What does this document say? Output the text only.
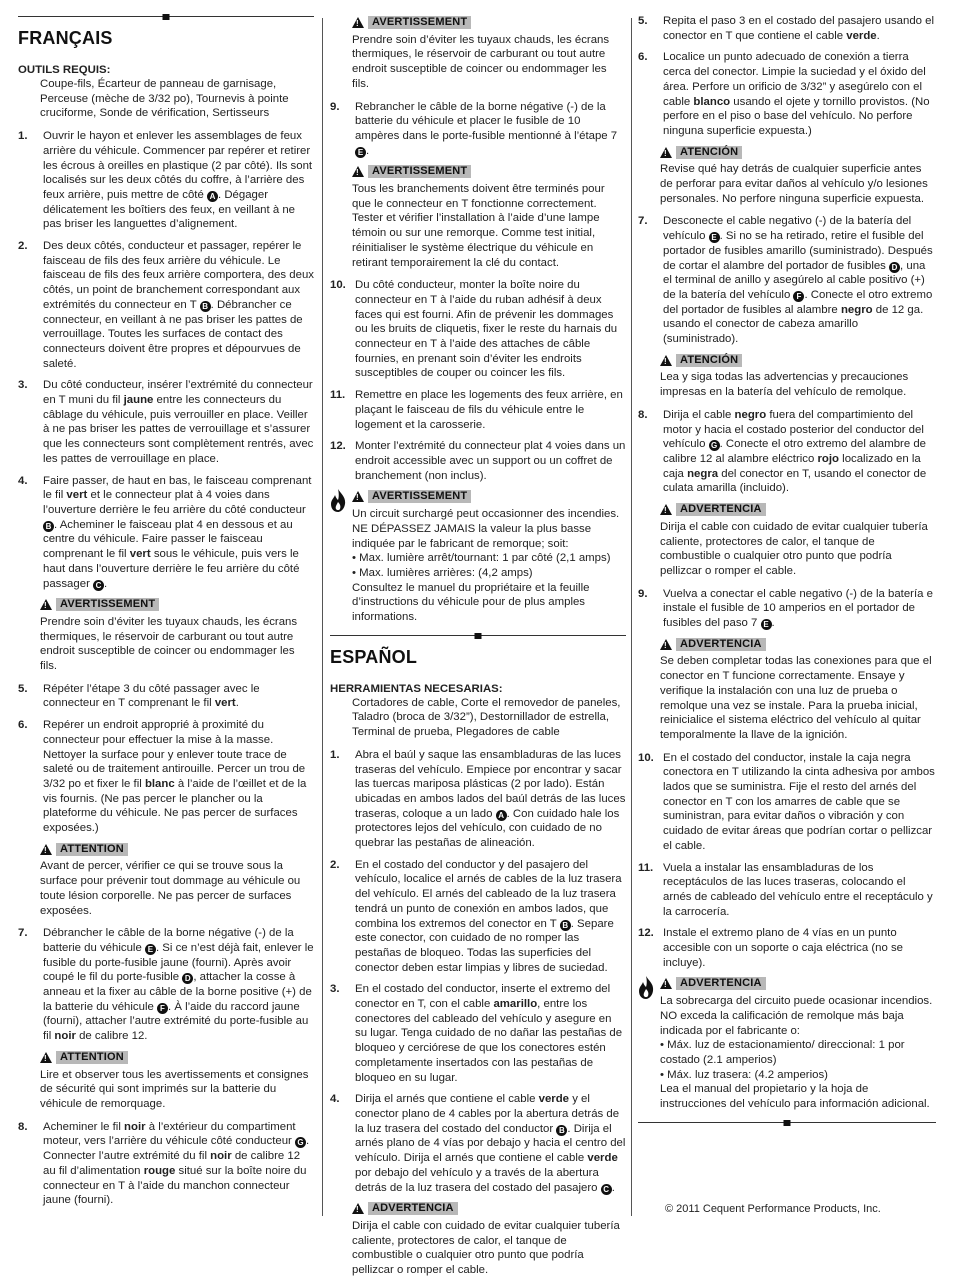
FRANÇAIS
OUTILS REQUIS:
Coupe-fils, Écarteur de panneau de garnisage, Perceuse (mèche de 3/32 po), Tournevis à pointe cruciforme, Sonde de vérification, Sertisseurs
1.	Ouvrir le hayon et enlever les assemblages de feux arrière du véhicule. Commencer par repérer et retirer les écrous à oreilles en plastique (2 par côté). Ils sont localisés sur les deux côtés du coffre, à l’arrière des feux arrière, puis mettre de côté A . Dégager délicatement les boîtiers des feux, en veillant à ne pas briser les languettes d’alignement.
2.	Des deux côtés, conducteur et passager, repérer le faisceau de fils des feux arrière du véhicule. Le faisceau de fils des feux arrière comportera, des deux côtés, un point de branchement correspondant aux extrémités du connecteur en T B . Débrancher ce connecteur, en veillant à ne pas briser les pattes de verrouillage. Toutes les surfaces de contact des connecteurs doivent être propres et dépourvues de saleté.
3.	Du côté conducteur, insérer l’extrémité du connecteur en T muni du fil jaune entre les connecteurs du câblage du véhicule, puis verrouiller en place. Veiller à ne pas briser les pattes de verrouillage et s’assurer que les connecteurs sont complètement rentrés, avec les pattes de verrouillage en place.
4.	Faire passer, de haut en bas, le faisceau comprenant le fil vert et le connecteur plat à 4 voies dans l’ouverture derrière le feu arrière du côté conducteur B . Acheminer le faisceau plat 4 en dessous et au centre du véhicule. Faire passer le faisceau comprenant le fil vert sous le véhicule, puis vers le haut dans l’ouverture derrière le feu arrière du côté passager C .
!
AVERTISSEMENT
Prendre soin d’éviter les tuyaux chauds, les écrans thermiques, le réservoir de carburant ou tout autre endroit susceptible de coincer ou endommager les fils.
5.	Répéter l’étape 3 du côté passager avec le connecteur en T comprenant le fil vert.
6.	Repérer un endroit approprié à proximité du connecteur pour effectuer la mise à la masse. Nettoyer la surface pour y enlever toute trace de saleté ou de traitement antirouille. Percer un trou de 3/32 po et fixer le fil blanc à l’aide de l’œillet et de la vis fournis. (Ne pas percer le plancher ou la plateforme du véhicule. Ne pas percer de surfaces exposées.)
!
ATTENTION
Avant de percer, vérifier ce qui se trouve sous la surface pour prévenir tout dommage au véhicule ou toute lésion corporelle. Ne pas percer de surfaces exposées.
7.	Débrancher le câble de la borne négative (-) de la batterie du véhicule E . Si ce n’est déjà fait, enlever le fusible du porte-fusible jaune (fourni). Après avoir coupé le fil du porte-fusible D , attacher la cosse à anneau et la fixer au câble de la borne positive (+) de la batterie du véhicule F . À l’aide du raccord jaune (fourni), attacher l’autre extrémité du porte-fusible au fil noir de calibre 12.
!
ATTENTION
Lire et observer tous les avertissements et consignes de sécurité qui sont imprimés sur la batterie du véhicule de remorquage.
8.	Acheminer le fil noir à l’extérieur du compartiment moteur, vers l’arrière du véhicule côté conducteur G . Connecter l’autre extrémité du fil noir de calibre 12 au fil d’alimentation rouge situé sur la boîte noire du connecteur en T à l’aide du manchon connecteur jaune (fourni).
!
AVERTISSEMENT
Prendre soin d’éviter les tuyaux chauds, les écrans thermiques, le réservoir de carburant ou tout autre endroit susceptible de coincer ou endommager les fils.
9.	Rebrancher le câble de la borne négative (-) de la batterie du véhicule et placer le fusible de 10 ampères dans le porte-fusible mentionné à l’étape 7 E .
!
AVERTISSEMENT
Tous les branchements doivent être terminés pour que le connecteur en T fonctionne correctement. Tester et vérifier l’installation à l’aide d’une lampe témoin ou sur une remorque. Comme test initial, réinitialiser le système électrique du véhicule en retirant temporairement la clé du contact.
10. Du côté conducteur, monter la boîte noire du connecteur en T à l’aide du ruban adhésif à deux faces qui est fourni. Afin de prévenir les dommages ou les bruits de cliquetis, fixer le reste du harnais du connecteur en T à l’aide des attaches de câble fournies, en prenant soin d’éviter les endroits susceptibles de couper ou coincer les fils.
11. Remettre en place les logements des feux arrière, en plaçant le faisceau de fils du véhicule entre le logement et la carosserie.
12. Monter l’extrémité du connecteur plat 4 voies dans un endroit accessible avec un support ou un coffret de branchement (non inclus).
!
AVERTISSEMENT
Un circuit surchargé peut occasionner des incendies. NE DÉPASSEZ JAMAIS la valeur la plus basse indiquée par le fabricant de remorque; soit:
• Max. lumière arrêt/tournant: 1 par côté (2,1 amps)
• Max. lumières arrières: (4,2 amps)
Consultez le manuel du propriétaire et la feuille d’instructions du véhicule pour de plus amples informations.
ESPAÑOL
HERRAMIENTAS NECESARIAS:
Cortadores de cable, Corte el removedor de paneles, Taladro (broca de 3/32”), Destornillador de estrella, Terminal de prueba, Plegadores de cable
1.	Abra el baúl y saque las ensambladuras de las luces traseras del vehículo. Empiece por encontrar y sacar las tuercas mariposa plásticas (2 por lado). Están ubicadas en ambos lados del baúl detrás de las luces traseras, coloque a un lado A . Con cuidado hale los protectores lejos del vehículo, con cuidado de no quebrar las pestañas de alineación.
2.	En el costado del conductor y del pasajero del vehículo, localice el arnés de cables de la luz trasera del vehículo. El arnés del cableado de la luz trasera tendrá un punto de conexión en ambos lados, que combina los extremos del conector en T B . Separe este conector, con cuidado de no romper las pestañas de bloqueo. Todas las superficies del conector deben estar limpias y libres de suciedad.
3.	En el costado del conductor, inserte el extremo del conector en T, con el cable amarillo, entre los conectores del cableado del vehículo y asegure en su lugar. Tenga cuidado de no dañar las pestañas de bloqueo y cerciórese de que los conectores estén completamente insertados con las pestañas de bloqueo en su lugar.
4.	Dirija el arnés que contiene el cable verde y el conector plano de 4 cables por la abertura detrás de la luz trasera del costado del conductor B . Dirija el arnés plano de 4 vías por debajo y hacia el centro del vehículo. Dirija el arnés que contiene el cable verde por debajo del vehículo y a través de la abertura detrás de la luz trasera del costado del pasajero C .
!
ADVERTENCIA
Dirija el cable con cuidado de evitar cualquier tubería caliente, protectores de calor, el tanque de combustible o cualquier otro punto que podría pellizcar o romper el cable.
5.	Repita el paso 3 en el costado del pasajero usando el conector en T que contiene el cable verde.
6.	Localice un punto adecuado de conexión a tierra cerca del conector. Limpie la suciedad y el óxido del área. Perfore un orificio de 3/32” y asegúrelo con el cable blanco usando el ojete y tornillo provistos. (No perfore en el piso o base del vehículo. No perfore ninguna superficie expuesta.)
!
ATENCIÓN
Revise qué hay detrás de cualquier superficie antes de perforar para evitar daños al vehículo y/o lesiones personales. No perfore ninguna superficie expuesta.
7.	Desconecte el cable negativo (-) de la batería del vehículo E . Si no se ha retirado, retire el fusible del portador de fusibles amarillo (suministrado). Después de cortar el alambre del portador de fusibles D , una el terminal de anillo y asegúrelo al cable positivo (+) de la batería del vehículo F . Conecte el otro extremo del portador de fusibles al alambre negro de 12 ga. usando el conector de cabeza amarillo (suministrado).
!
ATENCIÓN
Lea y siga todas las advertencias y precauciones impresas en la batería del vehículo de remolque.
8.	Dirija el cable negro fuera del compartimiento del motor y hacia el costado posterior del conductor del vehículo G . Conecte el otro extremo del alambre de calibre 12 al alambre eléctrico rojo localizado en la caja negra del conector en T, usando el conector de culata amarilla (incluido).
!
ADVERTENCIA
Dirija el cable con cuidado de evitar cualquier tubería caliente, protectores de calor, el tanque de combustible o cualquier otro punto que podría pellizcar o romper el cable.
9.	Vuelva a conectar el cable negativo (-) de la batería e instale el fusible de 10 amperios en el portador de fusibles del paso 7 E .
!
ADVERTENCIA
Se deben completar todas las conexiones para que el conector en T funcione correctamente. Ensaye y verifique la instalación con una luz de prueba o remolque una vez se instale. Para la prueba inicial, reinicialice el sistema eléctrico del vehículo al quitar temporalmente la llave de la ignición.
10. En el costado del conductor, instale la caja negra conectora en T utilizando la cinta adhesiva por ambos lados que se suministra. Fije el resto del arnés del conector en T con los amarres de cable que se suministran, para evitar daños o vibración y con cuidado de evitar áreas que podrían cortar o pellizcar el cable.
11. Vuela a instalar las ensambladuras de los receptáculos de las luces traseras, colocando el arnés de cableado del vehículo entre el receptáculo y la carrocería.
12. Instale el extremo plano de 4 vías en un punto accesible con un soporte o caja eléctrica (no se incluye).
!
ADVERTENCIA
La sobrecarga del circuito puede ocasionar incendios. NO exceda la calificación de remolque más baja indicada por el fabricante o:
• Máx. luz de estacionamiento/ direccional: 1 por costado (2.1 amperios)
• Máx. luz trasera: (4.2 amperios)
Lea el manual del propietario y la hoja de instrucciones del vehículo para información adicional.
© 2011 Cequent Performance Products, Inc.
